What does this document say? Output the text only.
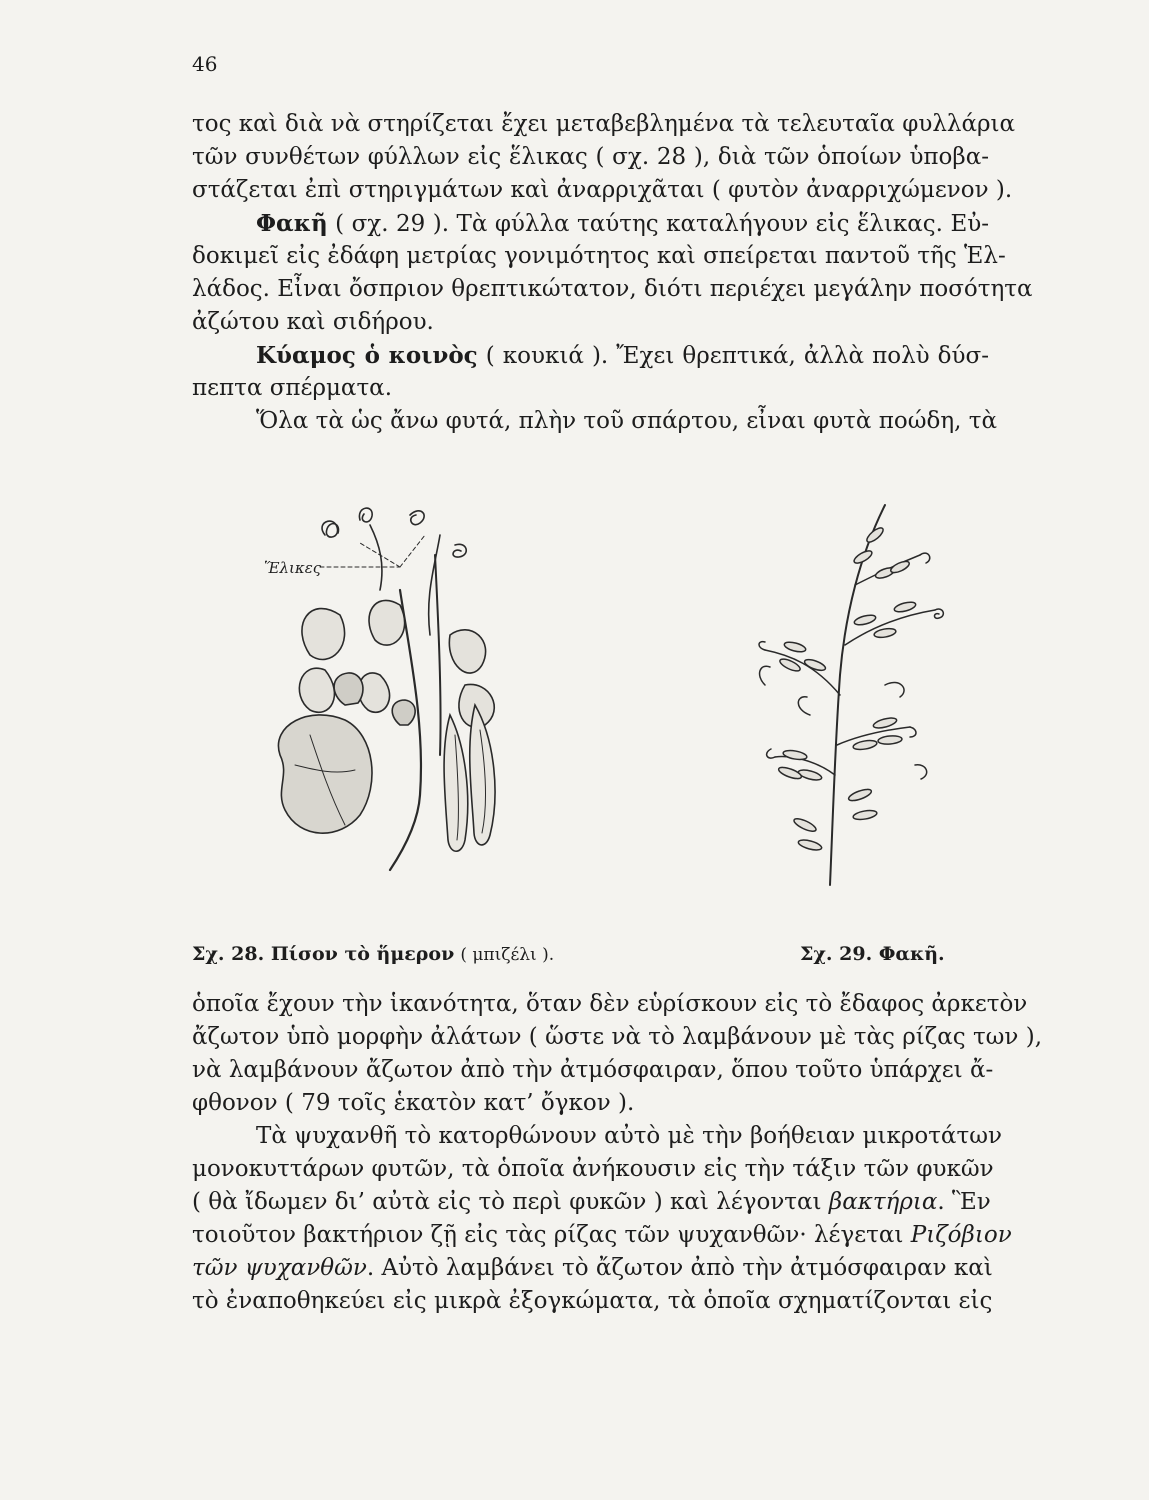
46
τος καὶ διὰ νὰ στηρίζεται ἔχει μεταβεβλημένα τὰ τελευταῖα φυλλάρια
τῶν συνθέτων φύλλων εἰς ἕλικας ( σχ. 28 ), διὰ τῶν ὁποίων ὑποβα-
στάζεται ἐπὶ στηριγμάτων καὶ ἀναρριχᾶται ( φυτὸν ἀναρριχώμενον ).
Φακῆ ( σχ. 29 ). Τὰ φύλλα ταύτης καταλήγουν εἰς ἕλικας. Εὐ-
δοκιμεῖ εἰς ἐδάφη μετρίας γονιμότητος καὶ σπείρεται παντοῦ τῆς Ἑλ-
λάδος. Εἶναι ὄσπριον θρεπτικώτατον, διότι περιέχει μεγάλην ποσότητα
ἀζώτου καὶ σιδήρου.
Κύαμος ὁ κοινὸς ( κουκιά ). Ἔχει θρεπτικά, ἀλλὰ πολὺ δύσ-
πεπτα σπέρματα.
Ὅλα τὰ ὡς ἄνω φυτά, πλὴν τοῦ σπάρτου, εἶναι φυτὰ ποώδη, τὰ
Ἕλικες
Σχ. 28. Πίσον τὸ ἥμερον ( μπιζέλι ).	Σχ. 29. Φακῆ.
ὁποῖα ἔχουν τὴν ἱκανότητα, ὅταν δὲν εὑρίσκουν εἰς τὸ ἔδαφος ἀρκετὸν
ἄζωτον ὑπὸ μορφὴν ἀλάτων ( ὥστε νὰ τὸ λαμβάνουν μὲ τὰς ρίζας των ),
νὰ λαμβάνουν ἄζωτον ἀπὸ τὴν ἀτμόσφαιραν, ὅπου τοῦτο ὑπάρχει ἄ-
φθονον ( 79 τοῖς ἑκατὸν κατ’ ὄγκον ).
Τὰ ψυχανθῆ τὸ κατορθώνουν αὐτὸ μὲ τὴν βοήθειαν μικροτάτων
μονοκυττάρων φυτῶν, τὰ ὁποῖα ἀνήκουσιν εἰς τὴν τάξιν τῶν φυκῶν
( θὰ ἴδωμεν δι’ αὐτὰ εἰς τὸ περὶ φυκῶν ) καὶ λέγονται βακτήρια. Ἓν
τοιοῦτον βακτήριον ζῇ εἰς τὰς ρίζας τῶν ψυχανθῶν· λέγεται Ριζόβιον
τῶν ψυχανθῶν. Αὐτὸ λαμβάνει τὸ ἄζωτον ἀπὸ τὴν ἀτμόσφαιραν καὶ
τὸ ἐναποθηκεύει εἰς μικρὰ ἐξογκώματα, τὰ ὁποῖα σχηματίζονται εἰς
